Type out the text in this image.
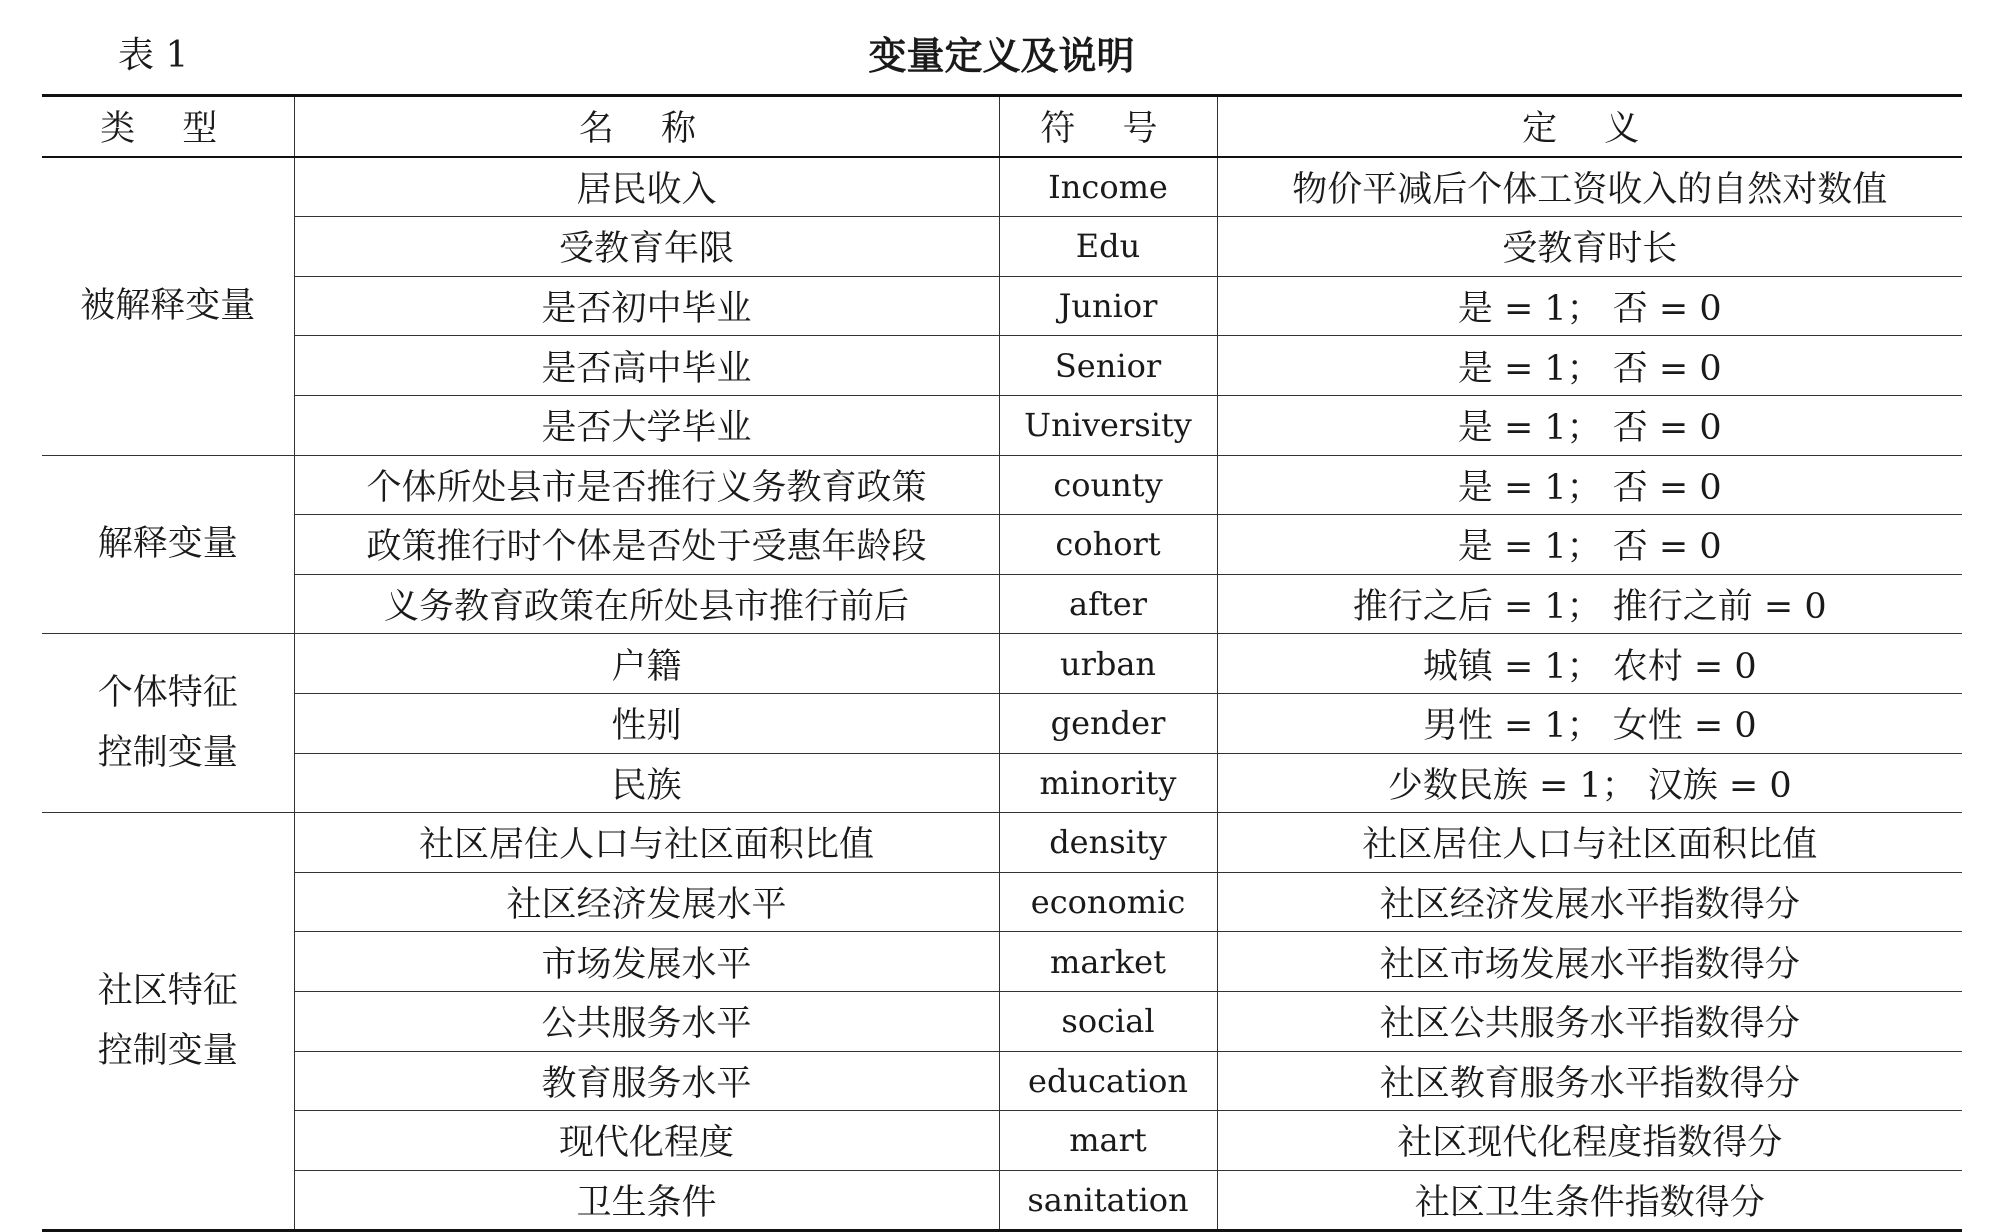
表 1	变量定义及说明
类 型	名 称	符 号	定 义

被解释变量	居民收入	Income	物价平减后个体工资收入的自然对数值
	受教育年限	Edu	受教育时长
	是否初中毕业	Junior	是 = 1； 否 = 0
	是否高中毕业	Senior	是 = 1； 否 = 0
	是否大学毕业	University	是 = 1； 否 = 0

解释变量	个体所处县市是否推行义务教育政策	county	是 = 1； 否 = 0
	政策推行时个体是否处于受惠年龄段	cohort	是 = 1； 否 = 0
	义务教育政策在所处县市推行前后	after	推行之后 = 1； 推行之前 = 0

个体特征
控制变量	户籍	urban	城镇 = 1； 农村 = 0
	性别	gender	男性 = 1； 女性 = 0
	民族	minority	少数民族 = 1； 汉族 = 0

社区特征
控制变量	社区居住人口与社区面积比值	density	社区居住人口与社区面积比值
	社区经济发展水平	economic	社区经济发展水平指数得分
	市场发展水平	market	社区市场发展水平指数得分
	公共服务水平	social	社区公共服务水平指数得分
	教育服务水平	education	社区教育服务水平指数得分
	现代化程度	mart	社区现代化程度指数得分
	卫生条件	sanitation	社区卫生条件指数得分
